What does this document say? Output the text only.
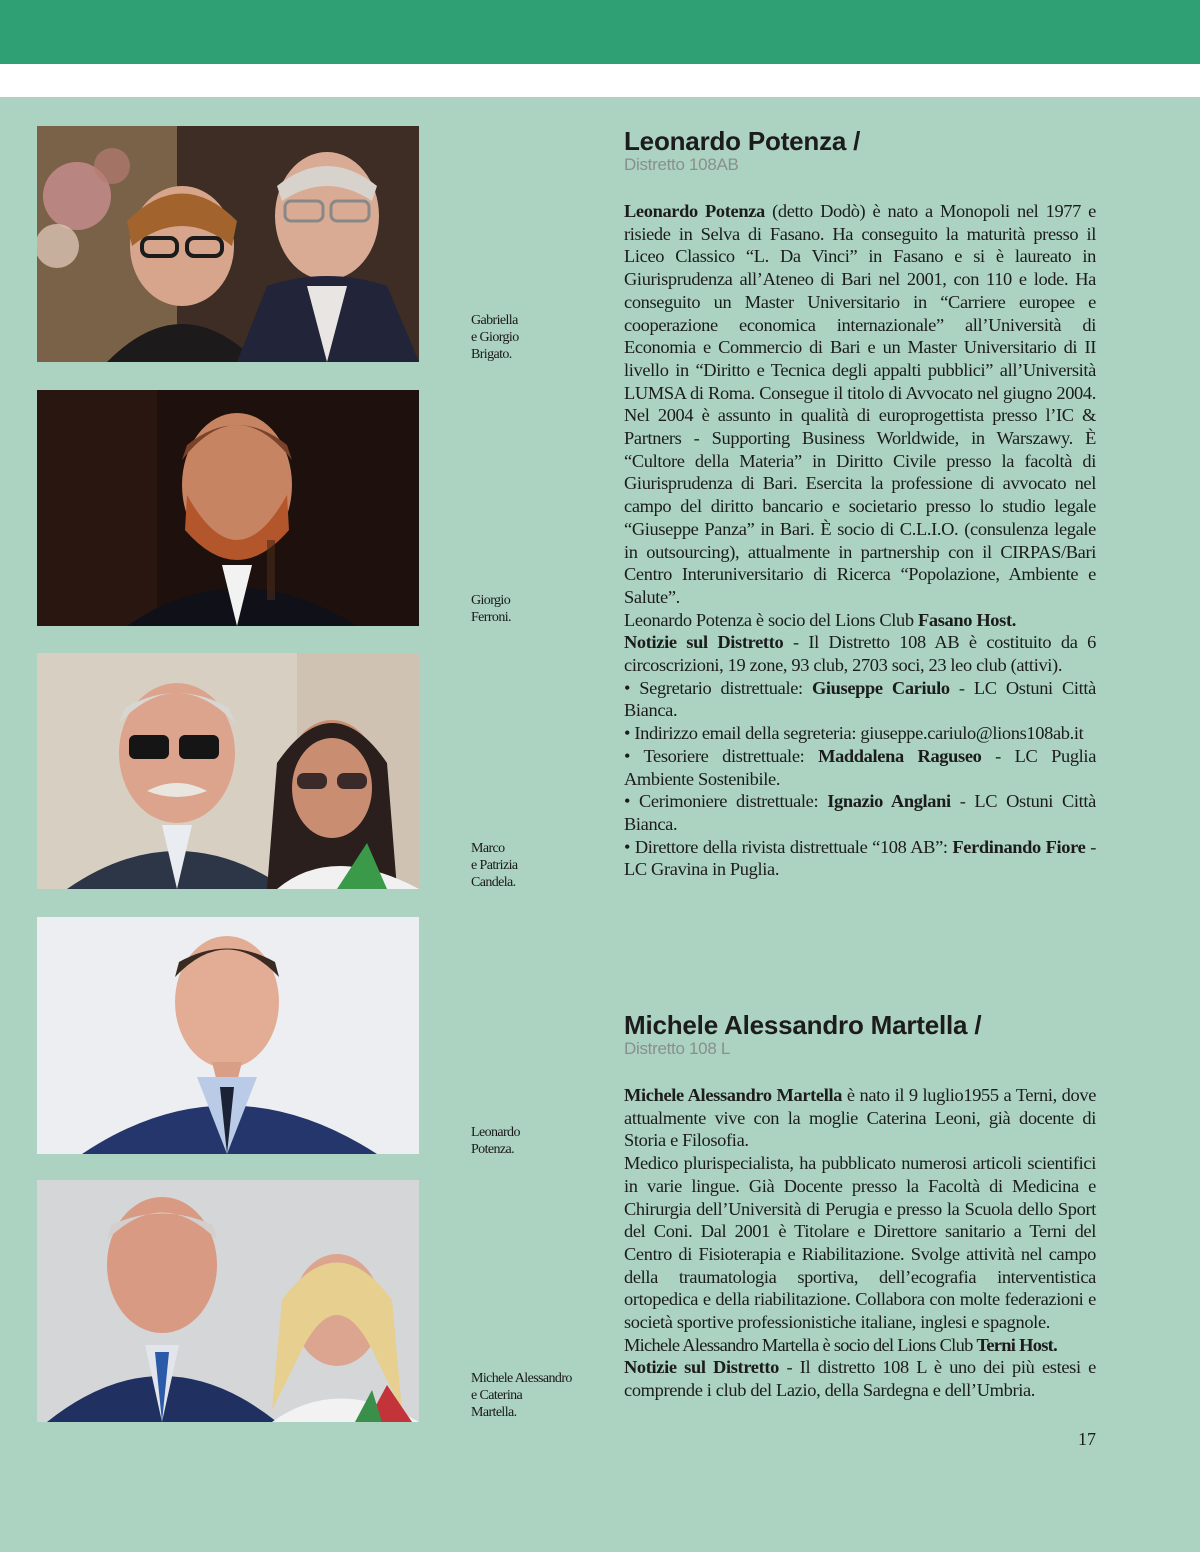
Gabriella
e Giorgio
Brigato.
Giorgio
Ferroni.
Marco
e Patrizia
Candela.
Leonardo
Potenza.
Michele Alessandro
e Caterina
Martella.
Leonardo Potenza /
Distretto 108AB

Leonardo Potenza (detto Dodò) è nato a Monopoli nel 1977 e risiede in Selva di Fasano. Ha conseguito la maturità presso il Liceo Classico “L. Da Vinci” in Fasano e si è laureato in Giurisprudenza all’Ateneo di Bari nel 2001, con 110 e lode. Ha conseguito un Master Universitario in “Carriere europee e cooperazione economica internazionale” all’Università di Economia e Commercio di Bari e un Master Universitario di II livello in “Diritto e Tecnica degli appalti pubblici” all’Università LUMSA di Roma. Consegue il titolo di Avvocato nel giugno 2004. Nel 2004 è assunto in qualità di europrogettista presso l’IC & Partners - Supporting Business Worldwide, in Warszawy. È “Cultore della Materia” in Diritto Civile presso la facoltà di Giurisprudenza di Bari. Esercita la professione di avvocato nel campo del diritto bancario e societario presso lo studio legale “Giuseppe Panza” in Bari. È socio di C.L.I.O. (consulenza legale in outsourcing), attualmente in partnership con il CIRPAS/Bari Centro Interuniversitario di Ricerca “Popolazione, Ambiente e Salute”.

Leonardo Potenza è socio del Lions Club Fasano Host.

Notizie sul Distretto - Il Distretto 108 AB è costituito da 6 circoscrizioni, 19 zone, 93 club, 2703 soci, 23 leo club (attivi).

• Segretario distrettuale: Giuseppe Cariulo - LC Ostuni Città Bianca.

• Indirizzo email della segreteria: giuseppe.cariulo@lions108ab.it

• Tesoriere distrettuale: Maddalena Raguseo - LC Puglia Ambiente Sostenibile.

• Cerimoniere distrettuale: Ignazio Anglani - LC Ostuni Città Bianca.

• Direttore della rivista distrettuale “108 AB”: Ferdinando Fiore - LC Gravina in Puglia.

Michele Alessandro Martella /
Distretto 108 L

Michele Alessandro Martella è nato il 9 luglio1955 a Terni, dove attualmente vive con la moglie Caterina Leoni, già docente di Storia e Filosofia.

Medico plurispecialista, ha pubblicato numerosi articoli scientifici in varie lingue. Già Docente presso la Facoltà di Medicina e Chirurgia dell’Università di Perugia e presso la Scuola dello Sport del Coni. Dal 2001 è Titolare e Direttore sanitario a Terni del Centro di Fisioterapia e Riabilitazione. Svolge attività nel campo della traumatologia sportiva, dell’ecografia interventistica ortopedica e della riabilitazione. Collabora con molte federazioni e società sportive professionistiche italiane, inglesi e spagnole.

Michele Alessandro Martella è socio del Lions Club Terni Host.

Notizie sul Distretto - Il distretto 108 L è uno dei più estesi e comprende i club del Lazio, della Sardegna e dell’Umbria.

17
